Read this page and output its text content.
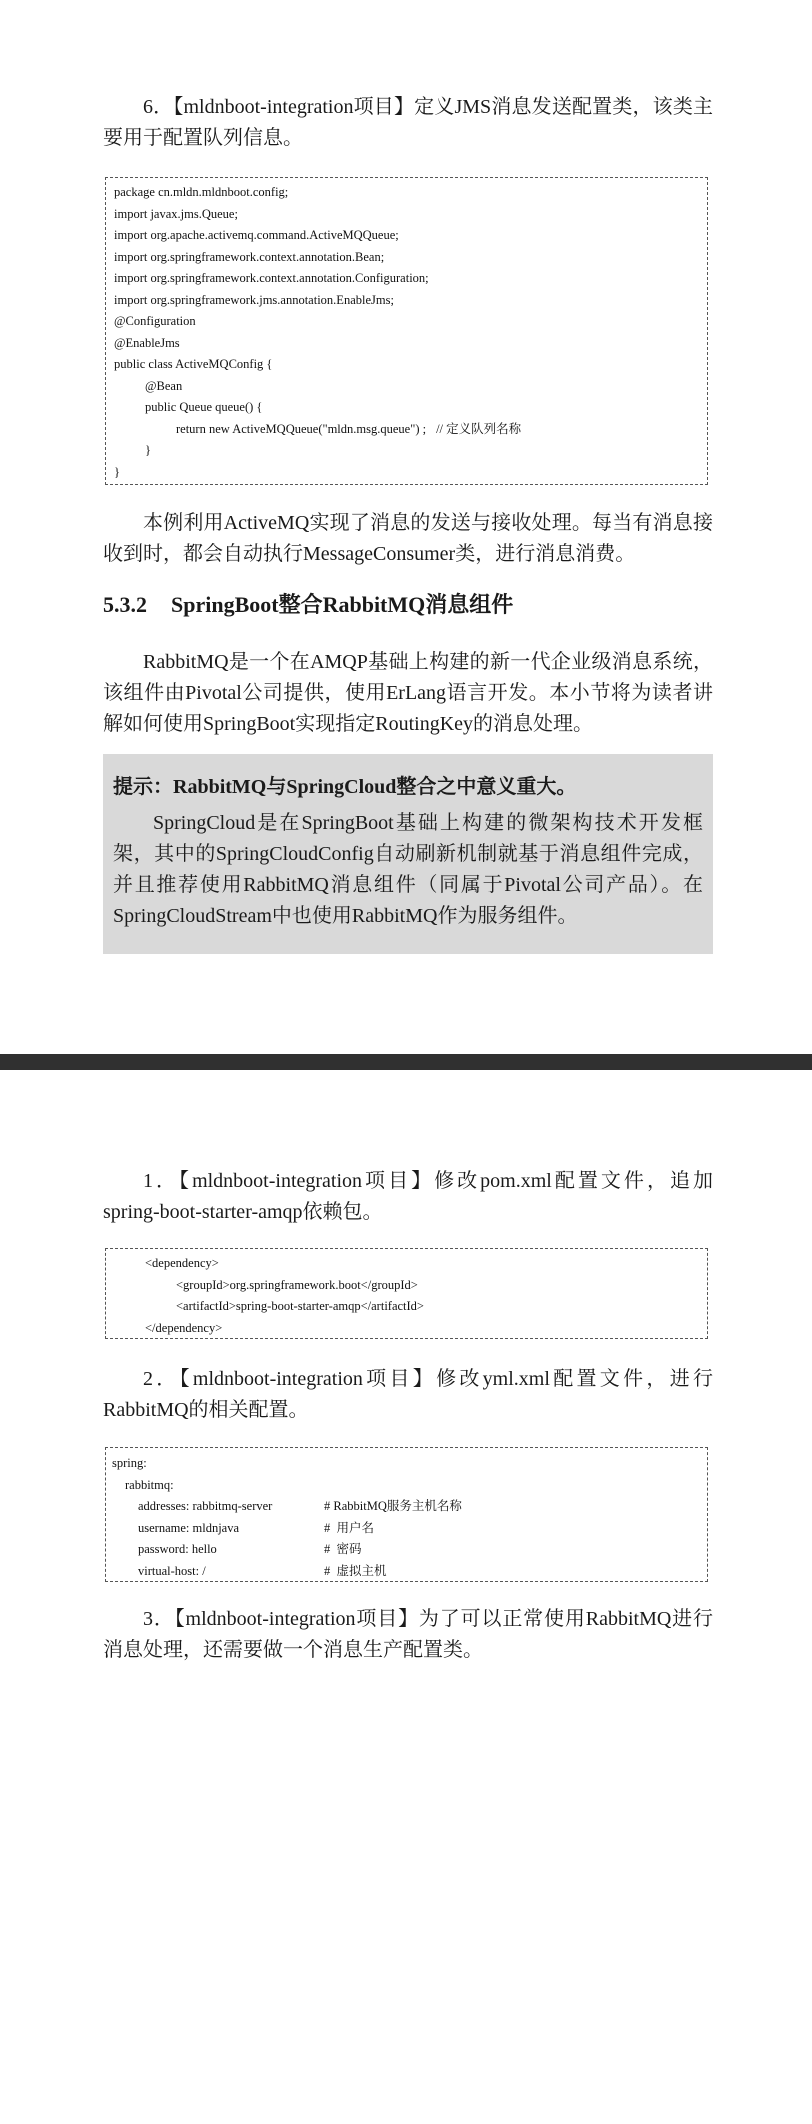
6．【mldnboot-integration项目】定义JMS消息发送配置类，该类主要用于配置队列信息。

package cn.mldn.mldnboot.config;
import javax.jms.Queue;
import org.apache.activemq.command.ActiveMQQueue;
import org.springframework.context.annotation.Bean;
import org.springframework.context.annotation.Configuration;
import org.springframework.jms.annotation.EnableJms;
@Configuration
@EnableJms
public class ActiveMQConfig {
@Bean
public Queue queue() {
return new ActiveMQQueue("mldn.msg.queue") ; // 定义队列名称
}
}

本例利用ActiveMQ实现了消息的发送与接收处理。每当有消息接收到时，都会自动执行MessageConsumer类，进行消息消费。

5.3.2 SpringBoot整合RabbitMQ消息组件

RabbitMQ是一个在AMQP基础上构建的新一代企业级消息系统，该组件由Pivotal公司提供，使用ErLang语言开发。本小节将为读者讲解如何使用SpringBoot实现指定RoutingKey的消息处理。

提示：RabbitMQ与SpringCloud整合之中意义重大。

SpringCloud是在SpringBoot基础上构建的微架构技术开发框架，其中的SpringCloudConfig自动刷新机制就基于消息组件完成，并且推荐使用RabbitMQ消息组件（同属于Pivotal公司产品）。在SpringCloudStream中也使用RabbitMQ作为服务组件。

1．【mldnboot-integration项目】修改pom.xml配置文件，追加spring-boot-starter-amqp依赖包。

<dependency>
<groupId>org.springframework.boot</groupId>
<artifactId>spring-boot-starter-amqp</artifactId>
</dependency>

2．【mldnboot-integration项目】修改yml.xml配置文件，进行RabbitMQ的相关配置。

spring:
rabbitmq:
addresses: rabbitmq-server	# RabbitMQ服务主机名称
username: mldnjava	#  用户名
password: hello	#  密码
virtual-host: /	#  虚拟主机

3．【mldnboot-integration项目】为了可以正常使用RabbitMQ进行消息处理，还需要做一个消息生产配置类。
